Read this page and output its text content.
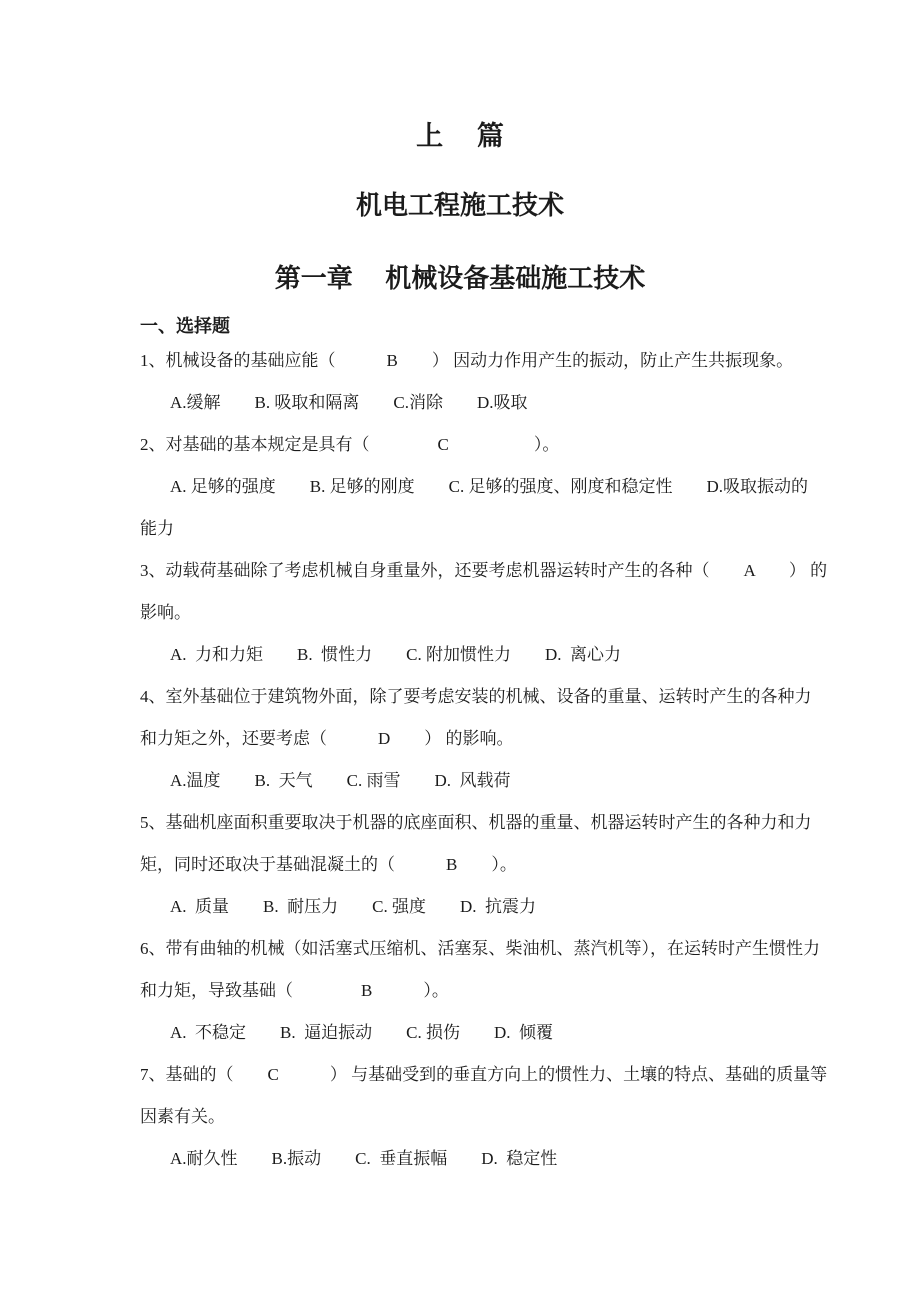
上　 篇
机电工程施工技术
第一章　 机械设备基础施工技术
一、选择题
1、机械设备的基础应能（　　　B　　） 因动力作用产生的振动，防止产生共振现象。
A.缓解　　B. 吸取和隔离　　C.消除　　D.吸取
2、对基础的基本规定是具有（　　　　C　　　　　）。
A. 足够的强度　　B. 足够的刚度　　C. 足够的强度、刚度和稳定性　　D.吸取振动的
能力
3、动载荷基础除了考虑机械自身重量外，还要考虑机器运转时产生的各种（　　A　　） 的
影响。
A.  力和力矩　　B.  惯性力　　C. 附加惯性力　　D.  离心力
4、室外基础位于建筑物外面，除了要考虑安装的机械、设备的重量、运转时产生的各种力
和力矩之外，还要考虑（　　　D　　） 的影响。
A.温度　　B.  天气　　C. 雨雪　　D.  风载荷
5、基础机座面积重要取决于机器的底座面积、机器的重量、机器运转时产生的各种力和力
矩，同时还取决于基础混凝土的（　　　B　　）。
A.  质量　　B.  耐压力　　C. 强度　　D.  抗震力
6、带有曲轴的机械（如活塞式压缩机、活塞泵、柴油机、蒸汽机等），在运转时产生惯性力
和力矩，导致基础（　　　　B　　　）。
A.  不稳定　　B.  逼迫振动　　C. 损伤　　D.  倾覆
7、基础的（　　C　　　） 与基础受到的垂直方向上的惯性力、土壤的特点、基础的质量等
因素有关。
A.耐久性　　B.振动　　C.  垂直振幅　　D.  稳定性
